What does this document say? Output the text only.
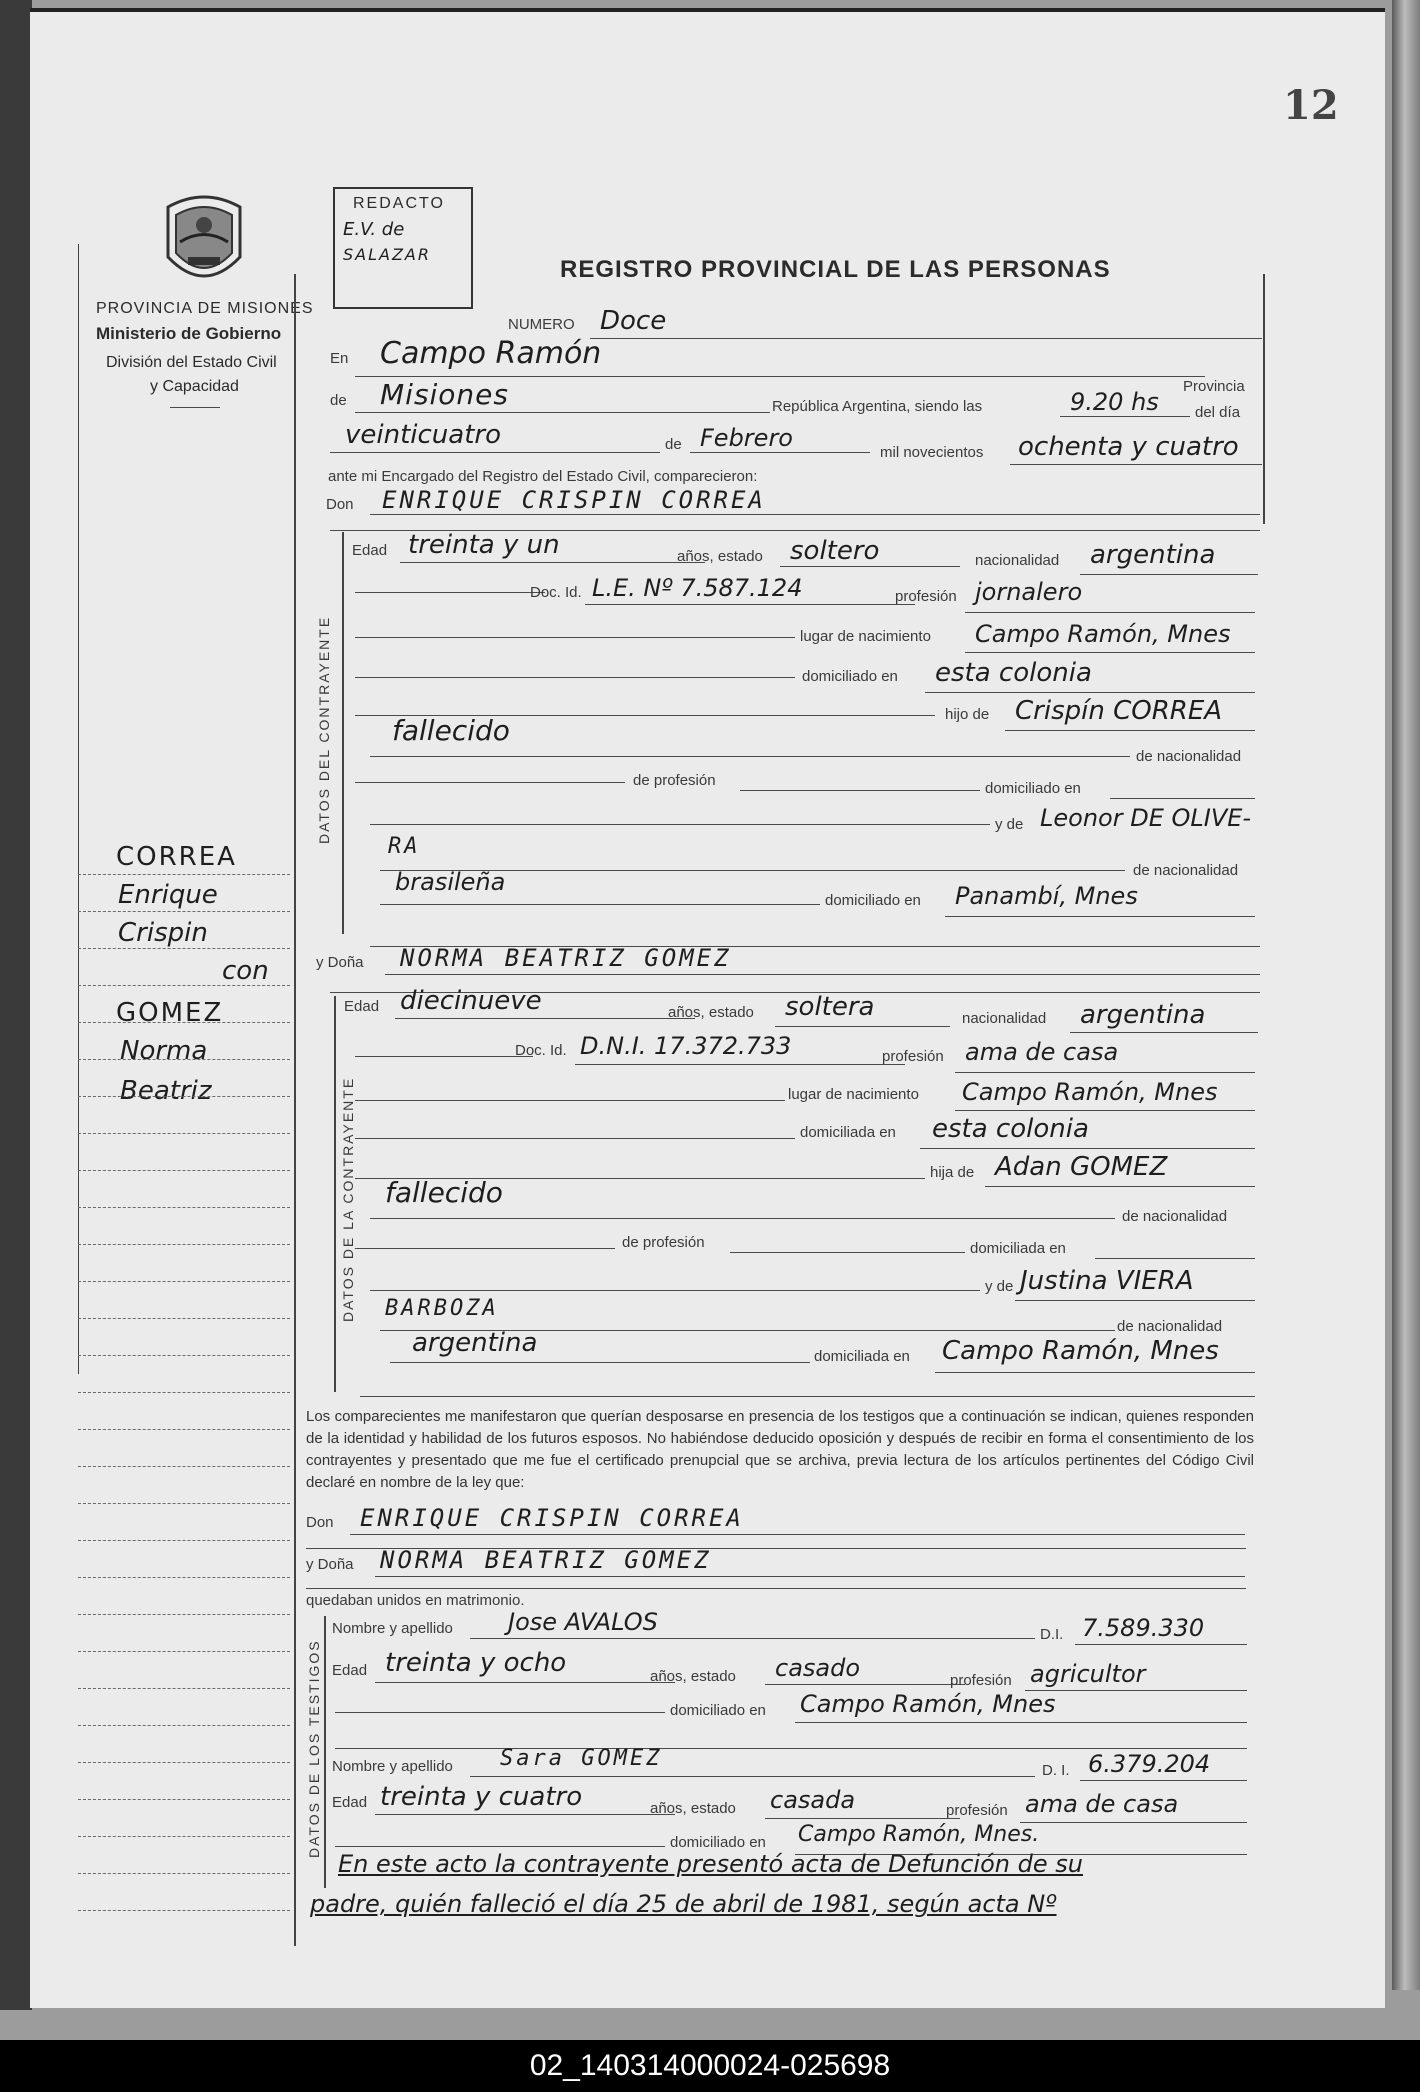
12
PROVINCIA DE MISIONES
Ministerio de Gobierno
División del Estado Civil
y Capacidad
REDACTO
E.V. de
SALAZAR
REGISTRO PROVINCIAL DE LAS PERSONAS
NUMERO Doce
En Campo Ramón
Provincia
de Misiones	República Argentina, siendo las	9.20 hs del día
veinticuatro	de Febrero
mil novecientos ochenta y cuatro
ante mi Encargado del Registro del Estado Civil, comparecieron:
Don ENRIQUE CRISPIN CORREA
DATOS DEL CONTRAYENTE
Edad treinta y un	años, estado soltero	nacionalidad argentina
Doc. Id. L.E. Nº 7.587.124	profesión jornalero
lugar de nacimiento Campo Ramón, Mnes
domiciliado en esta colonia
hijo de Crispín CORREA
fallecido
de nacionalidad
de profesión	domiciliado en
y de Leonor DE OLIVE-
RA
de nacionalidad
brasileña
domiciliado en Panambí, Mnes
y Doña NORMA BEATRIZ GOMEZ
DATOS DE LA CONTRAYENTE
Edad diecinueve	años, estado soltera	nacionalidad argentina
Doc. Id. D.N.I. 17.372.733	profesión ama de casa
lugar de nacimiento Campo Ramón, Mnes
domiciliada en esta colonia
hija de Adan GOMEZ
fallecido
de nacionalidad
de profesión	domiciliada en
y de Justina VIERA
BARBOZA
de nacionalidad
argentina	domiciliada en Campo Ramón, Mnes
Los comparecientes me manifestaron que querían desposarse en presencia de los testigos que a continuación se indican, quienes responden de la identidad y habilidad de los futuros esposos. No habiéndose deducido oposición y después de recibir en forma el consentimiento de los contrayentes y presentado que me fue el certificado prenupcial que se archiva, previa lectura de los artículos pertinentes del Código Civil declaré en nombre de la ley que:
Don ENRIQUE CRISPIN CORREA
y Doña NORMA BEATRIZ GOMEZ
quedaban unidos en matrimonio.
DATOS DE LOS TESTIGOS
Nombre y apellido Jose AVALOS	D.I. 7.589.330
Edad treinta y ocho	años, estado casado	profesión agricultor
domiciliado en Campo Ramón, Mnes
Nombre y apellido Sara GOMEZ	D. I. 6.379.204
Edad treinta y cuatro	años, estado casada	profesión ama de casa
domiciliado en Campo Ramón, Mnes.
En este acto la contrayente presentó acta de Defunción de su
padre, quién falleció el día 25 de abril de 1981, según acta Nº
CORREA
Enrique
Crispin
con
GOMEZ
Norma
Beatriz
02_140314000024-025698
